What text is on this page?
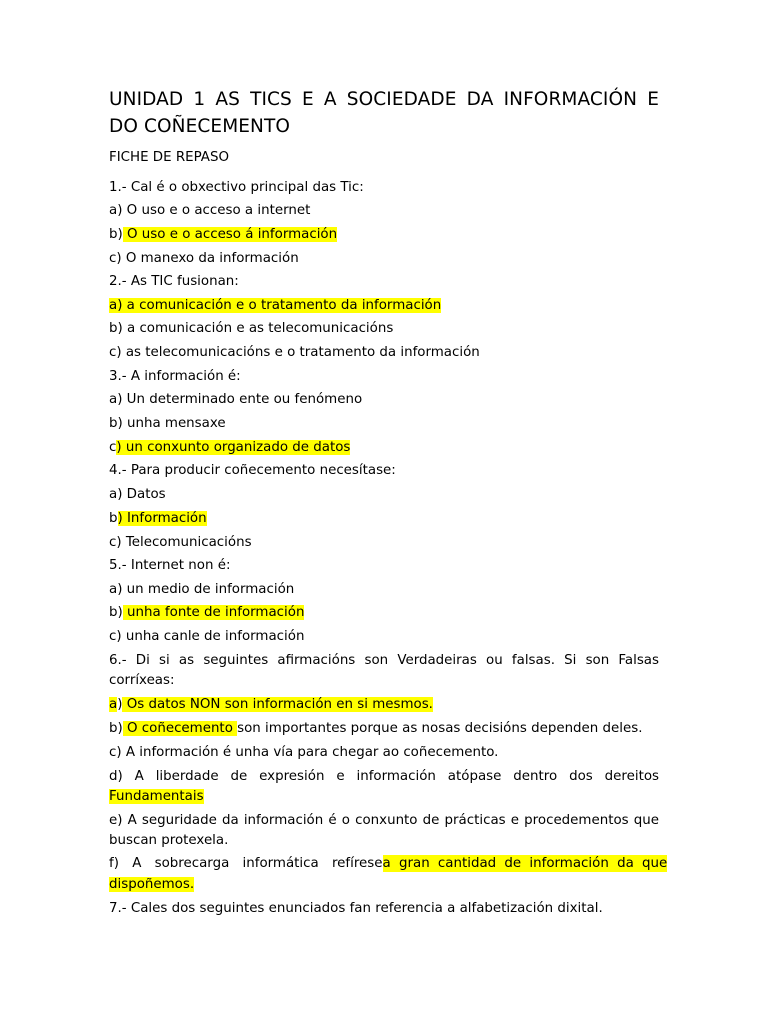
UNIDAD 1 AS TICS E A SOCIEDADE DA INFORMACIÓN E
DO COÑECEMENTO
FICHE DE REPASO
1.- Cal é o obxectivo principal das Tic:
a) O uso e o acceso a internet
b) O uso e o acceso á información
c) O manexo da información
2.- As TIC fusionan:
a) a comunicación e o tratamento da información
b) a comunicación e as telecomunicacións
c) as telecomunicacións e o tratamento da información
3.- A información é:
a) Un determinado ente ou fenómeno
b) unha mensaxe
c) un conxunto organizado de datos
4.- Para producir coñecemento necesítase:
a) Datos
b) Información
c) Telecomunicacións
5.- Internet non é:
a) un medio de información
b) unha fonte de información
c) unha canle de información
6.- Di si as seguintes afirmacións son Verdadeiras ou falsas. Si son Falsas
corríxeas:
a) Os datos NON son información en si mesmos.
b) O coñecemento son importantes porque as nosas decisións dependen deles.
c) A información é unha vía para chegar ao coñecemento.
d) A liberdade de expresión e información atópase dentro dos dereitos
Fundamentais
e) A seguridade da información é o conxunto de prácticas e procedementos que
buscan protexela.
f) A sobrecarga informática refírese a gran cantidad de información da que
dispoñemos.
7.- Cales dos seguintes enunciados fan referencia a alfabetización dixital.
